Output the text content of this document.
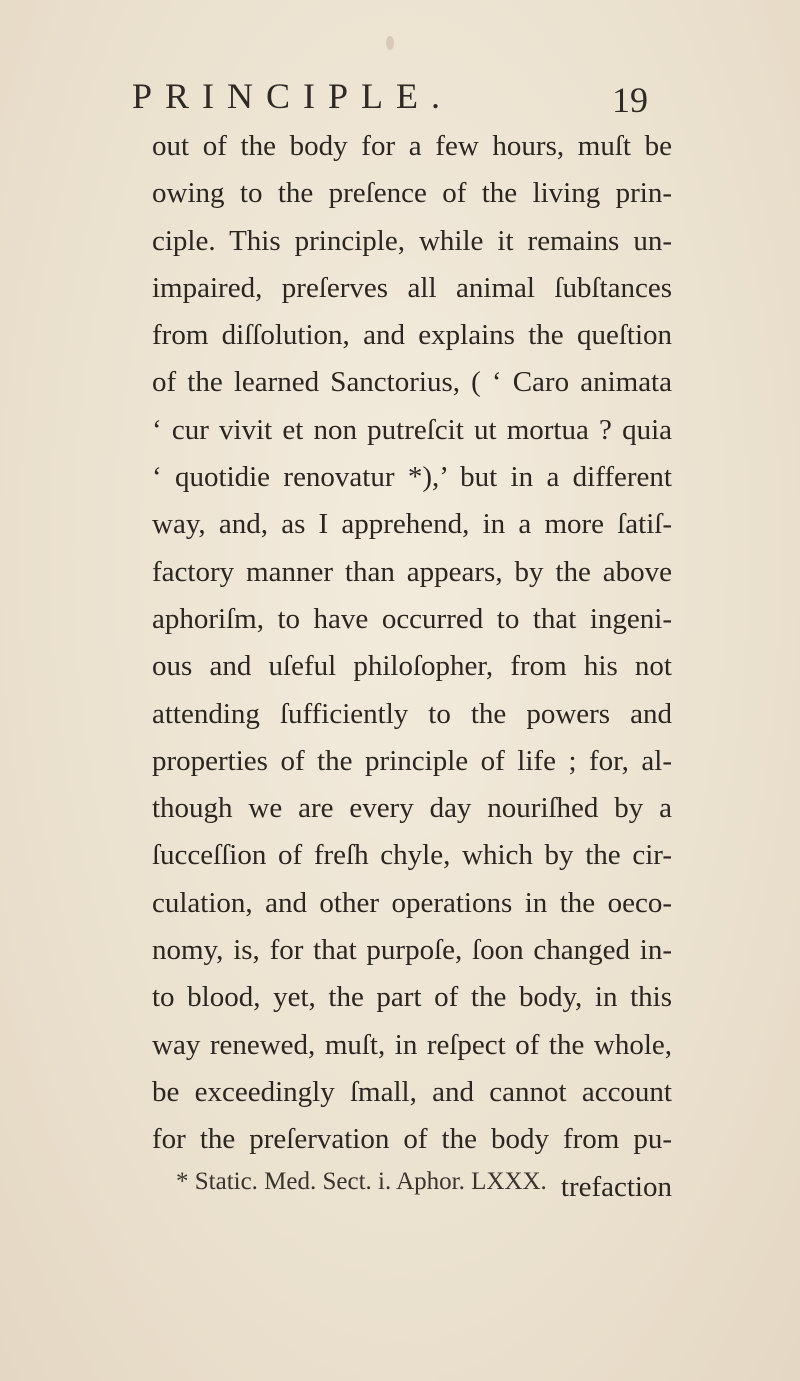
PRINCIPLE.	19
out of the body for a few hours, muſt be
owing to the preſence of the living prin-
ciple. This principle, while it remains un-
impaired, preſerves all animal ſubſtances
from diſſolution, and explains the queſtion
of the learned Sanctorius, ( ‘ Caro animata
‘ cur vivit et non putreſcit ut mortua ? quia
‘ quotidie renovatur *),’ but in a different
way, and, as I apprehend, in a more ſatiſ-
factory manner than appears, by the above
aphoriſm, to have occurred to that ingeni-
ous and uſeful philoſopher, from his not
attending ſufficiently to the powers and
properties of the principle of life ; for, al-
though we are every day nouriſhed by a
ſucceſſion of freſh chyle, which by the cir-
culation, and other operations in the oeco-
nomy, is, for that purpoſe, ſoon changed in-
to blood, yet, the part of the body, in this
way renewed, muſt, in reſpect of the whole,
be exceedingly ſmall, and cannot account
for the preſervation of the body from pu-
trefaction
* Static. Med. Sect. i. Aphor. LXXX.
